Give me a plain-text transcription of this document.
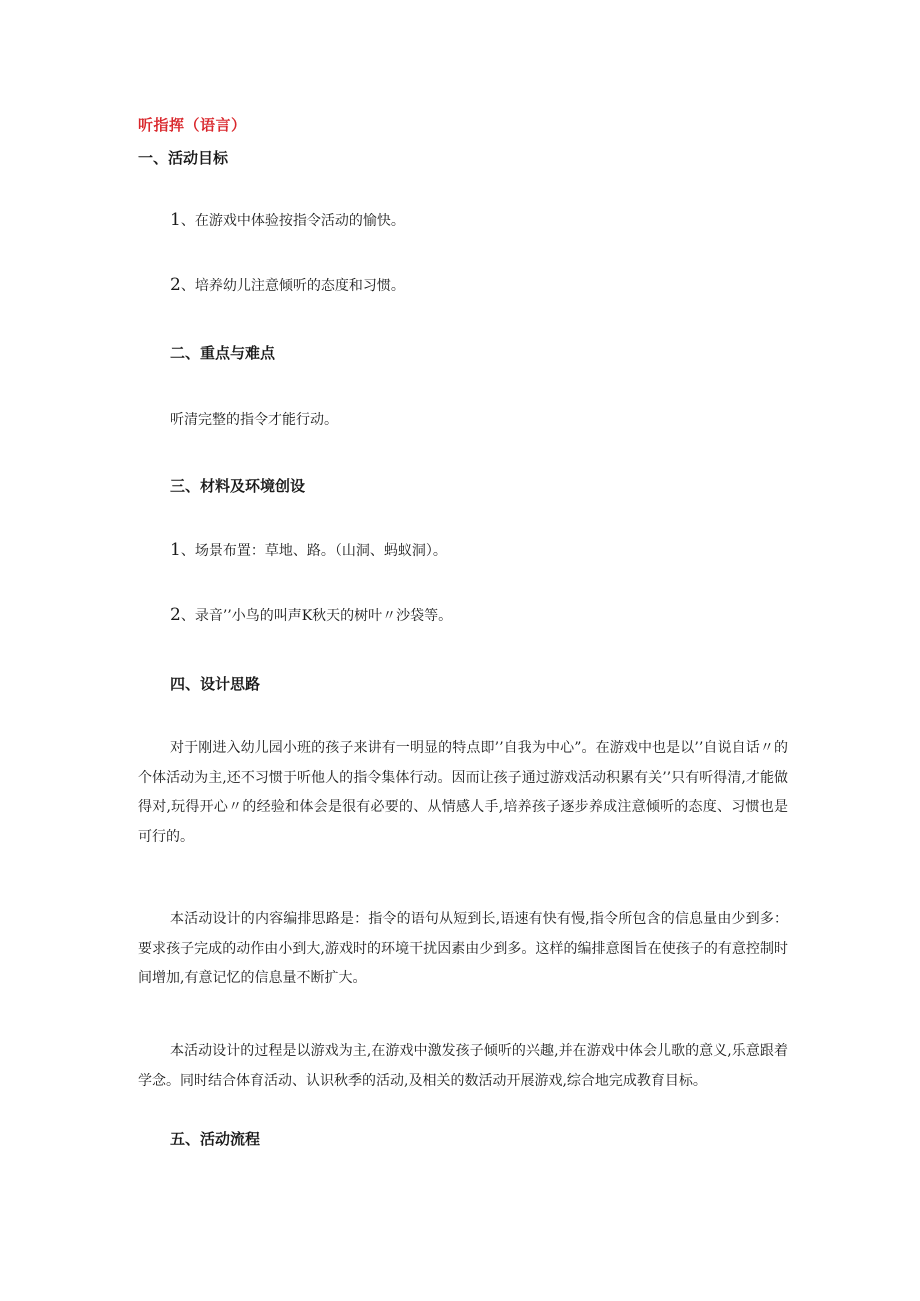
听指挥（语言）
一、活动目标
1、在游戏中体验按指令活动的愉快。
2、培养幼儿注意倾听的态度和习惯。
二、重点与难点
听清完整的指令才能行动。
三、材料及环境创设
1、场景布置：草地、路。（山洞、蚂蚁洞）。
2、录音’’小鸟的叫声K秋天的树叶〃沙袋等。
四、设计思路
对于刚进入幼儿园小班的孩子来讲有一明显的特点即’’自我为中心”。在游戏中也是以’’自说自话〃的个体活动为主,还不习惯于听他人的指令集体行动。因而让孩子通过游戏活动积累有关’’只有听得清,才能做得对,玩得开心〃的经验和体会是很有必要的、从情感人手,培养孩子逐步养成注意倾听的态度、习惯也是可行的。
本活动设计的内容编排思路是：指令的语句从短到长,语速有快有慢,指令所包含的信息量由少到多：要求孩子完成的动作由小到大,游戏时的环境干扰因素由少到多。这样的编排意图旨在使孩子的有意控制时间增加,有意记忆的信息量不断扩大。
本活动设计的过程是以游戏为主,在游戏中激发孩子倾听的兴趣,并在游戏中体会儿歌的意义,乐意跟着学念。同时结合体育活动、认识秋季的活动,及相关的数活动开展游戏,综合地完成教育目标。
五、活动流程
